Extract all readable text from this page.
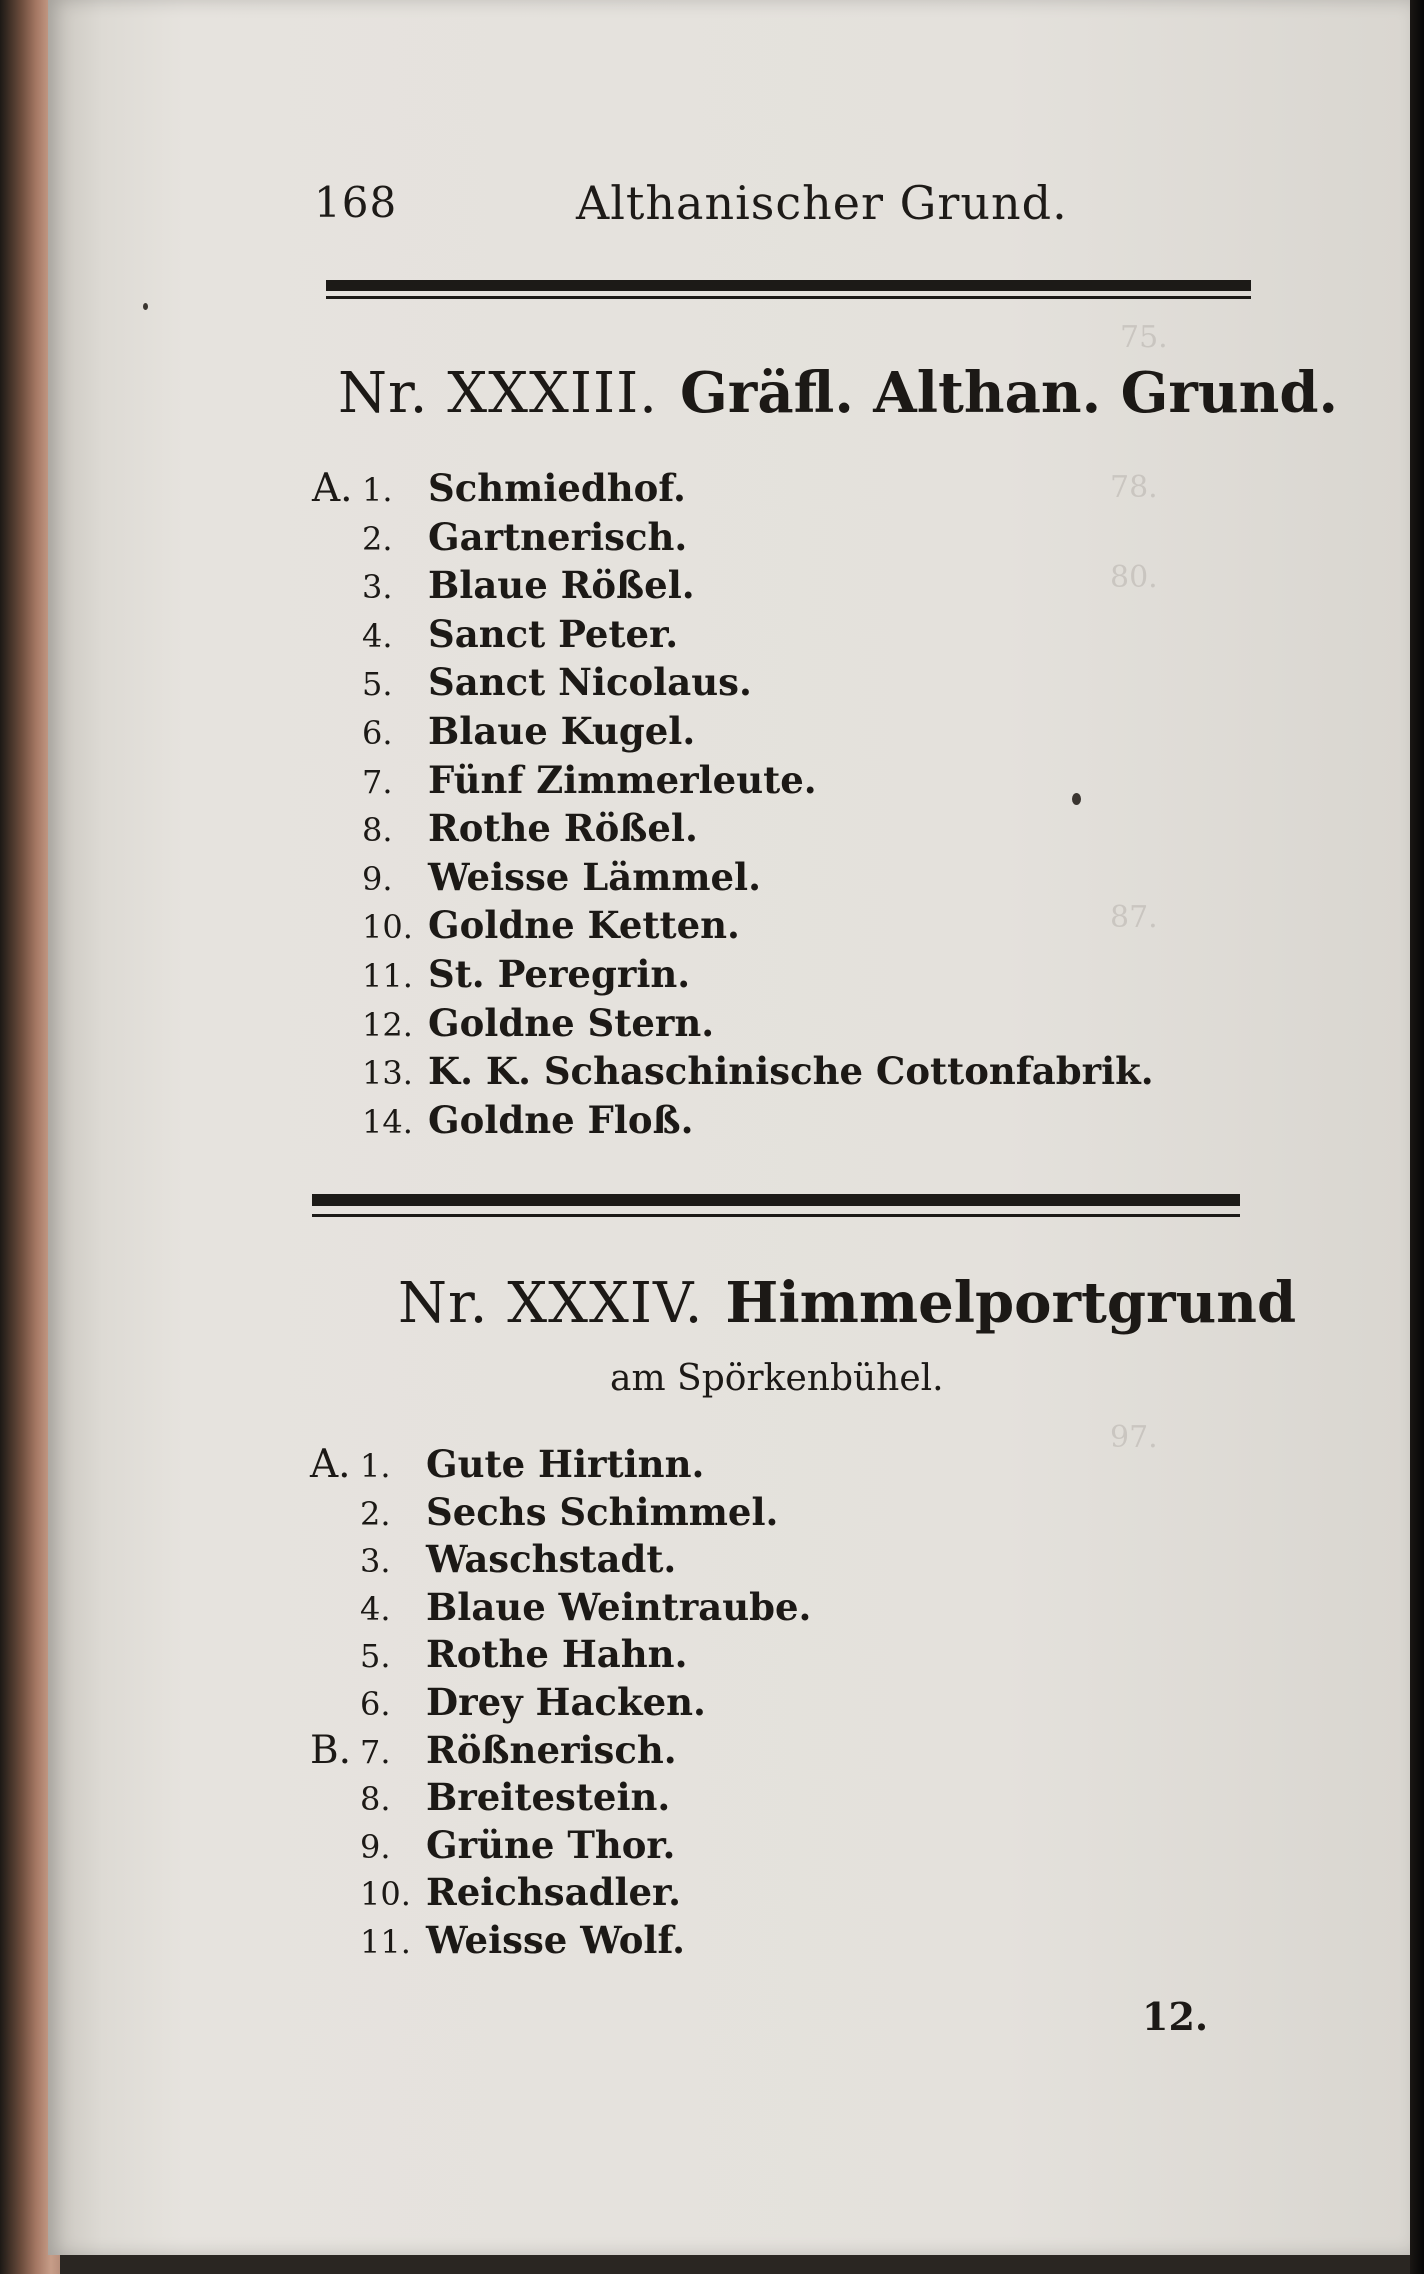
75.
78.
80.
87.
97.
168	Althanischer Grund.
Nr. XXXIII. Gräfl. Althan. Grund.
A. 1. Schmiedhof.
2. Gartnerisch.
3. Blaue Rößel.
4. Sanct Peter.
5. Sanct Nicolaus.
6. Blaue Kugel.
7. Fünf Zimmerleute.
8. Rothe Rößel.
9. Weisse Lämmel.
10. Goldne Ketten.
11. St. Peregrin.
12. Goldne Stern.
13. K. K. Schaschinische Cottonfabrik.
14. Goldne Floß.
Nr. XXXIV. Himmelportgrund
am Spörkenbühel.
A. 1. Gute Hirtinn.
2. Sechs Schimmel.
3. Waschstadt.
4. Blaue Weintraube.
5. Rothe Hahn.
6. Drey Hacken.
B. 7. Rößnerisch.
8. Breitestein.
9. Grüne Thor.
10. Reichsadler.
11. Weisse Wolf.
12.
